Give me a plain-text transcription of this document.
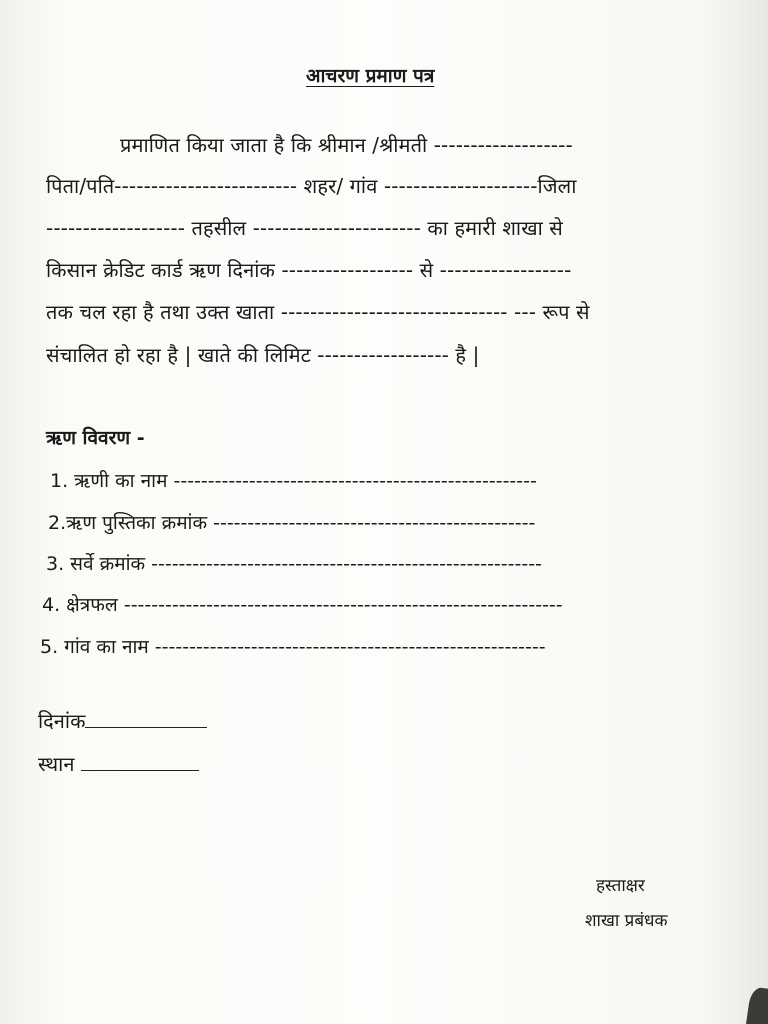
आचरण प्रमाण पत्र
प्रमाणित किया जाता है कि श्रीमान /श्रीमती -------------------
पिता/पति------------------------- शहर/ गांव ---------------------जिला
------------------- तहसील ----------------------- का हमारी शाखा से
किसान क्रेडिट कार्ड ऋण दिनांक ------------------ से ------------------
तक चल रहा है तथा उक्त खाता ------------------------------- --- रूप से
संचालित हो रहा है | खाते की लिमिट ------------------ है |
ऋण विवरण -
1. ऋणी का नाम -----------------------------------------------------
2.ऋण पुस्तिका क्रमांक -----------------------------------------------
3. सर्वे क्रमांक ---------------------------------------------------------
4. क्षेत्रफल ----------------------------------------------------------------
5. गांव का नाम ---------------------------------------------------------
दिनांक
स्थान
हस्ताक्षर
शाखा प्रबंधक
